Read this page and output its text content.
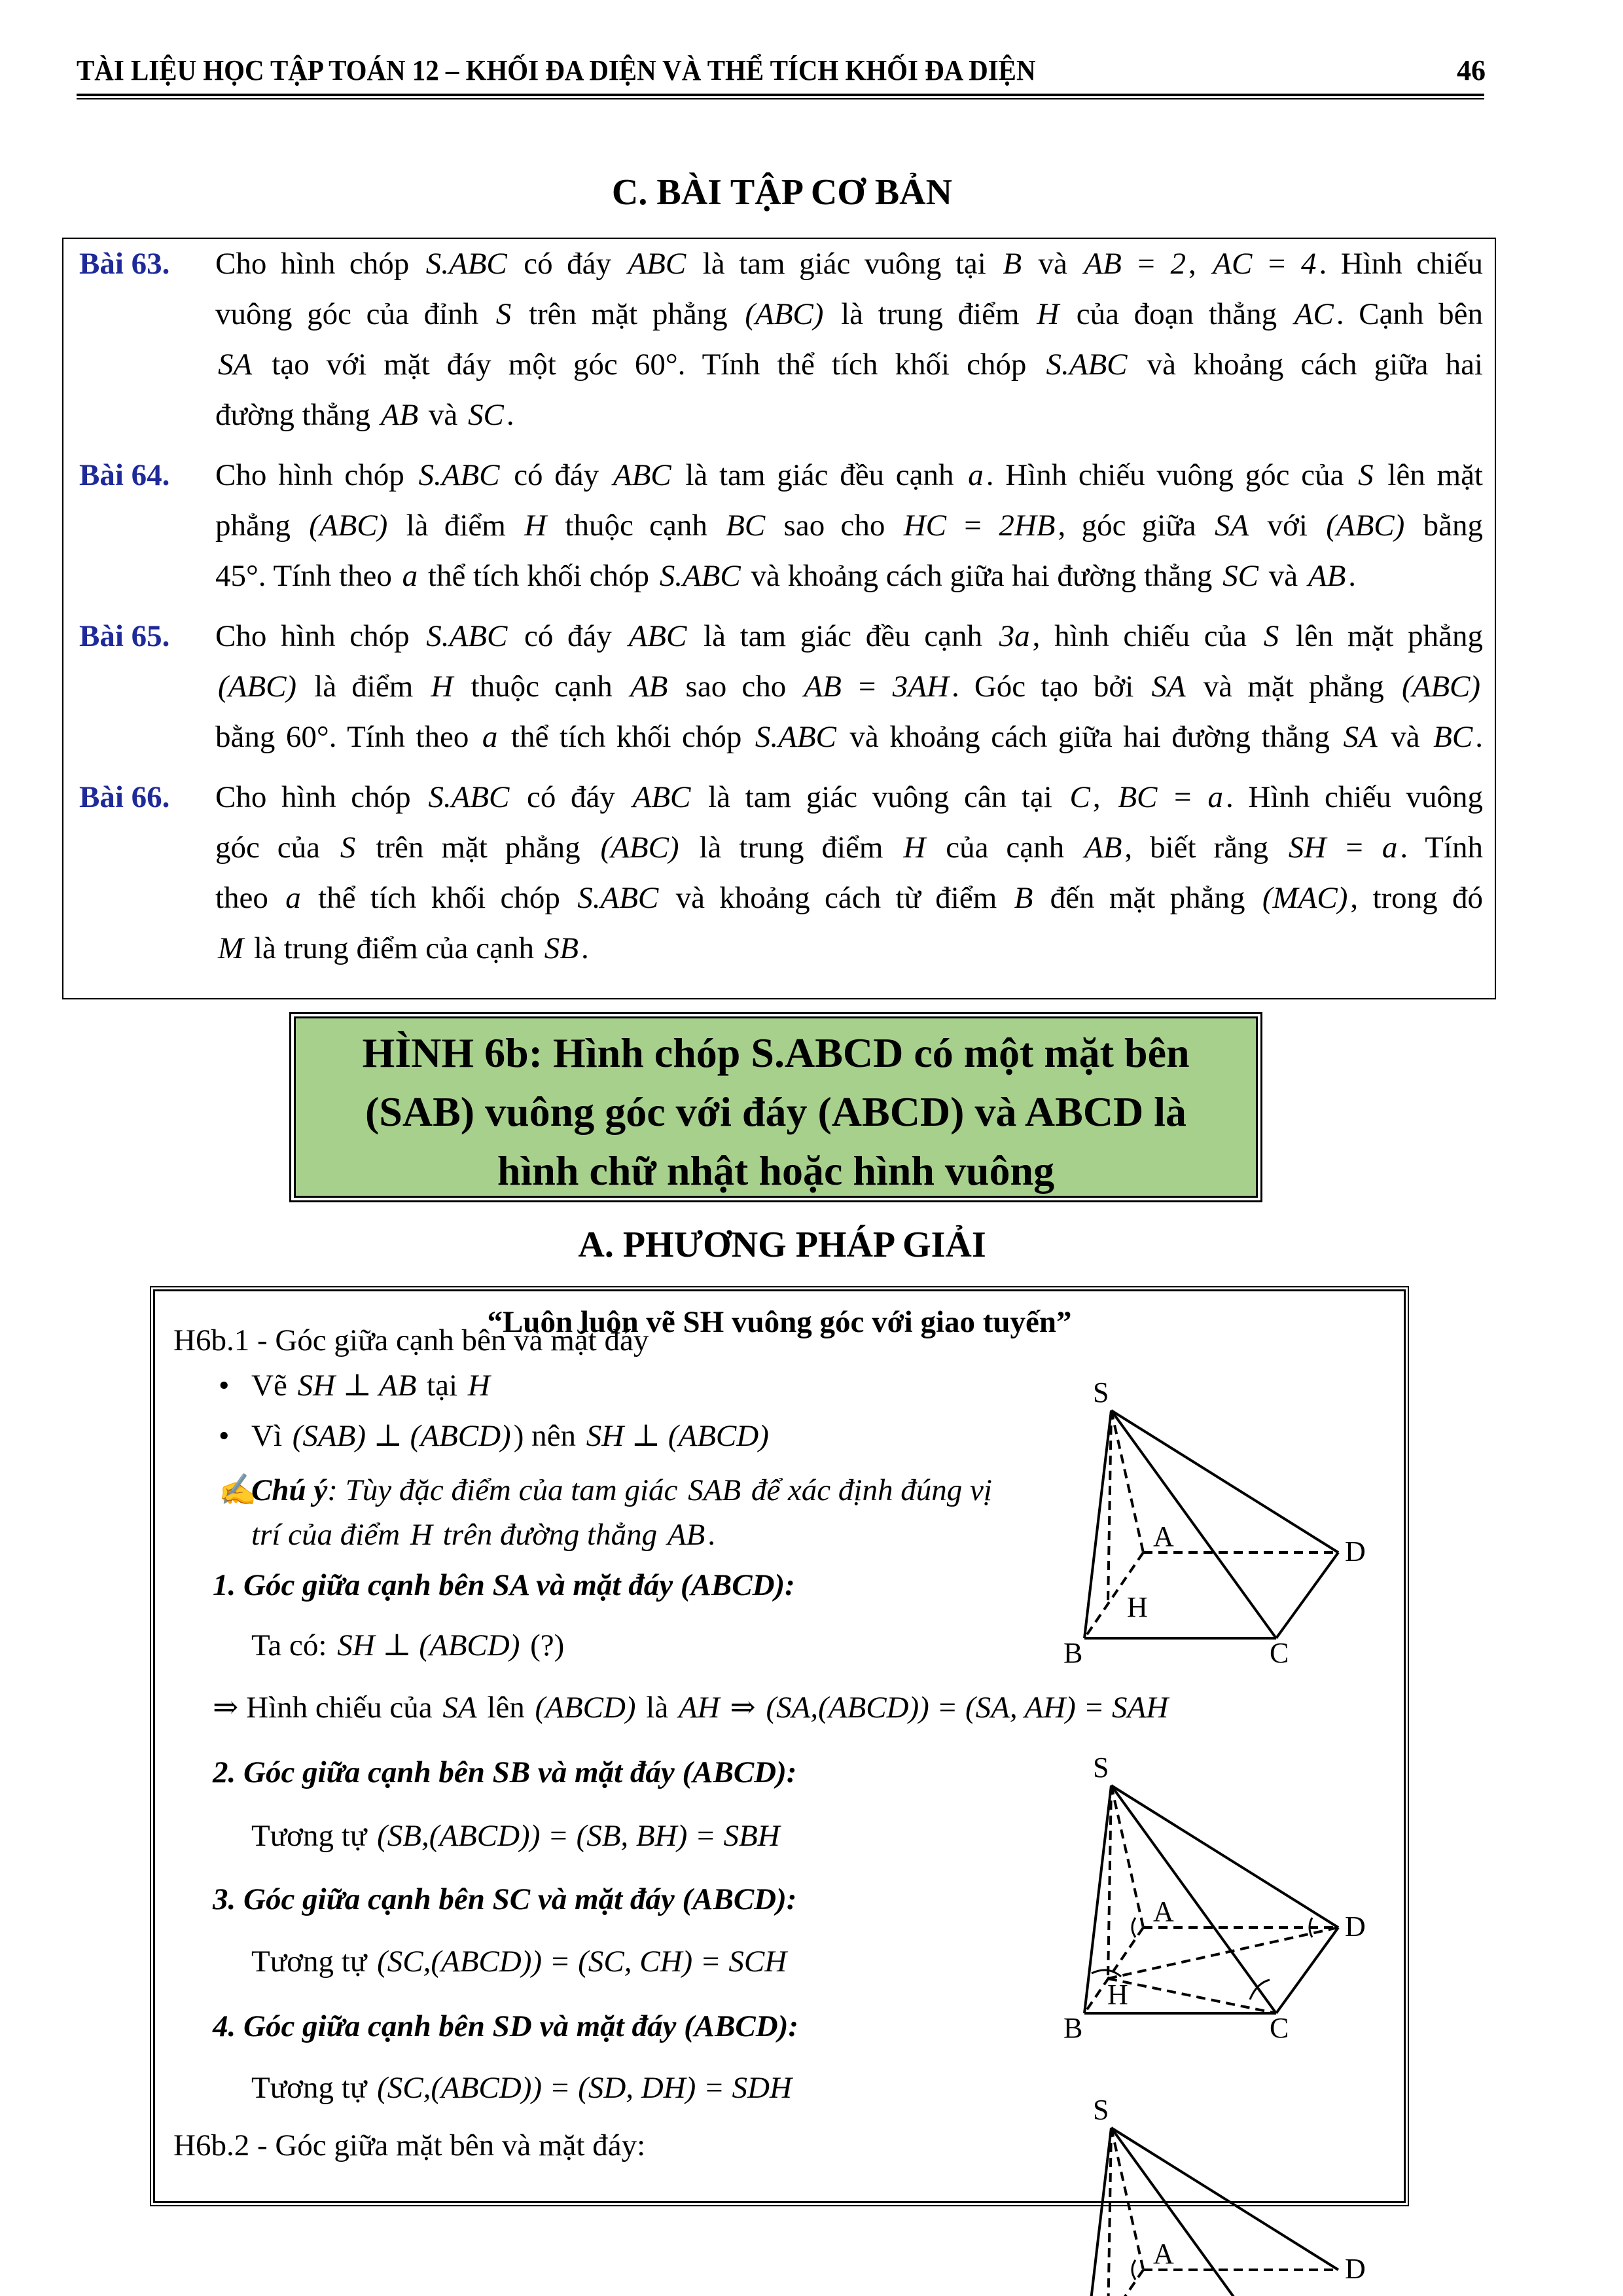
TÀI LIỆU HỌC TẬP TOÁN 12 – KHỐI ĐA DIỆN VÀ THỂ TÍCH KHỐI ĐA DIỆN	46
C. BÀI TẬP CƠ BẢN
Bài 63. Cho hình chóp S.ABC có đáy ABC là tam giác vuông tại B và AB = 2, AC = 4. Hình chiếu
vuông góc của đỉnh S trên mặt phẳng (ABC) là trung điểm H của đoạn thẳng AC. Cạnh bên
SA tạo với mặt đáy một góc 60°. Tính thể tích khối chóp S.ABC và khoảng cách giữa hai
đường thẳng AB và SC.
Bài 64. Cho hình chóp S.ABC có đáy ABC là tam giác đều cạnh a. Hình chiếu vuông góc của S lên mặt
phẳng (ABC) là điểm H thuộc cạnh BC sao cho HC = 2HB, góc giữa SA với (ABC) bằng
45°. Tính theo a thể tích khối chóp S.ABC và khoảng cách giữa hai đường thẳng SC và AB.
Bài 65. Cho hình chóp S.ABC có đáy ABC là tam giác đều cạnh 3a, hình chiếu của S lên mặt phẳng
(ABC) là điểm H thuộc cạnh AB sao cho AB = 3AH. Góc tạo bởi SA và mặt phẳng (ABC)
bằng 60°. Tính theo a thể tích khối chóp S.ABC và khoảng cách giữa hai đường thẳng SA và BC.
Bài 66. Cho hình chóp S.ABC có đáy ABC là tam giác vuông cân tại C, BC = a. Hình chiếu vuông
góc của S trên mặt phẳng (ABC) là trung điểm H của cạnh AB, biết rằng SH = a. Tính
theo a thể tích khối chóp S.ABC và khoảng cách từ điểm B đến mặt phẳng (MAC), trong đó
M là trung điểm của cạnh SB.
HÌNH 6b: Hình chóp S.ABCD có một mặt bên
(SAB) vuông góc với đáy (ABCD) và ABCD là
hình chữ nhật hoặc hình vuông
A. PHƯƠNG PHÁP GIẢI
“Luôn luôn vẽ SH vuông góc với giao tuyến”
H6b.1 - Góc giữa cạnh bên và mặt đáy
• Vẽ SH ⊥ AB tại H
• Vì (SAB) ⊥ (ABCD)) nên SH ⊥ (ABCD)
✍Chú ý: Tùy đặc điểm của tam giác SAB để xác định đúng vị
trí của điểm H trên đường thẳng AB.
1. Góc giữa cạnh bên SA và mặt đáy (ABCD):
Ta có: SH ⊥ (ABCD) (?)
⇒ Hình chiếu của SA lên (ABCD) là AH ⇒ (SA,(ABCD)) = (SA, AH) = SAH
2. Góc giữa cạnh bên SB và mặt đáy (ABCD):
Tương tự (SB,(ABCD)) = (SB, BH) = SBH
3. Góc giữa cạnh bên SC và mặt đáy (ABCD):
Tương tự (SC,(ABCD)) = (SC, CH) = SCH
4. Góc giữa cạnh bên SD và mặt đáy (ABCD):
Tương tự (SC,(ABCD)) = (SD, DH) = SDH
H6b.2 - Góc giữa mặt bên và mặt đáy:
S
A	D
H
B	C
S
A	D
H
B	C
S
A	D
